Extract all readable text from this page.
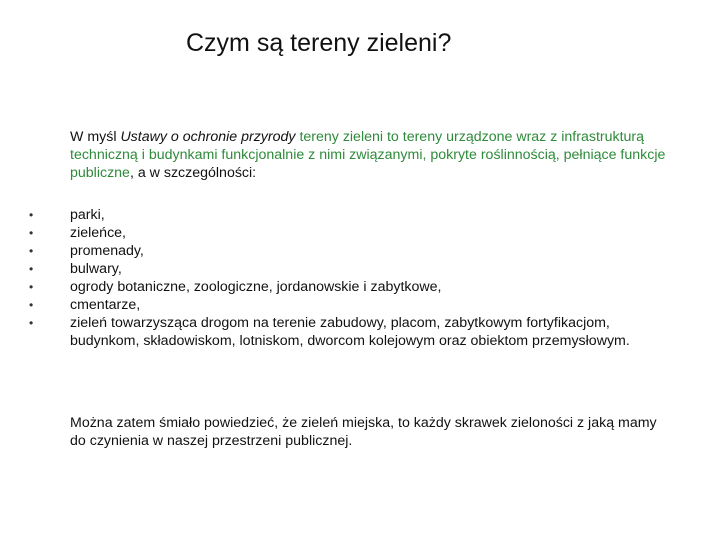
Czym są tereny zieleni?
W myśl Ustawy o ochronie przyrody tereny zieleni to tereny urządzone wraz z infrastrukturą techniczną i budynkami funkcjonalnie z nimi związanymi, pokryte roślinnością, pełniące funkcje publiczne, a w szczególności:
•	parki,
•	zieleńce,
•	promenady,
•	bulwary,
•	ogrody botaniczne, zoologiczne, jordanowskie i zabytkowe,
•	cmentarze,
•	zieleń towarzysząca drogom na terenie zabudowy, placom, zabytkowym fortyfikacjom, budynkom, składowiskom, lotniskom, dworcom kolejowym oraz obiektom przemysłowym.
Można zatem śmiało powiedzieć, że zieleń miejska, to każdy skrawek zieloności z jaką mamy do czynienia w naszej przestrzeni publicznej.
